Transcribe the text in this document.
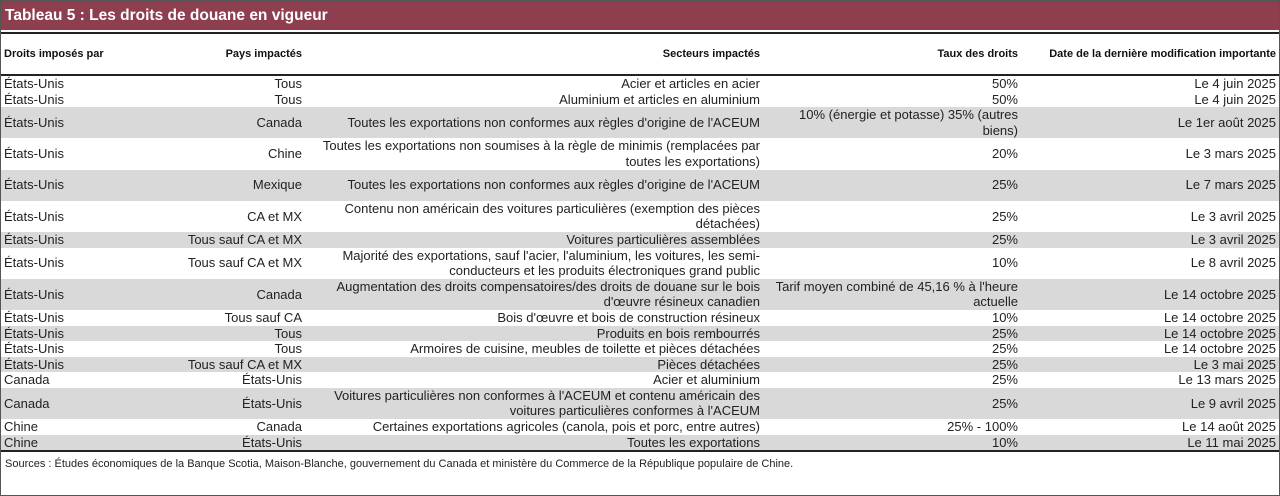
Tableau 5 : Les droits de douane en vigueur
Droits imposés par	Pays impactés	Secteurs impactés	Taux des droits	Date de la dernière modification importante
États-Unis	Tous	Acier et articles en acier	50%	Le 4 juin 2025
États-Unis	Tous	Aluminium et articles en aluminium	50%	Le 4 juin 2025
États-Unis	Canada	Toutes les exportations non conformes aux règles d'origine de l'ACEUM	10% (énergie et potasse) 35% (autres biens)	Le 1er août 2025
États-Unis	Chine	Toutes les exportations non soumises à la règle de minimis (remplacées par toutes les exportations)	20%	Le 3 mars 2025
États-Unis	Mexique	Toutes les exportations non conformes aux règles d'origine de l'ACEUM	25%	Le 7 mars 2025
États-Unis	CA et MX	Contenu non américain des voitures particulières (exemption des pièces détachées)	25%	Le 3 avril 2025
États-Unis	Tous sauf CA et MX	Voitures particulières assemblées	25%	Le 3 avril 2025
États-Unis	Tous sauf CA et MX	Majorité des exportations, sauf l'acier, l'aluminium, les voitures, les semi-conducteurs et les produits électroniques grand public	10%	Le 8 avril 2025
États-Unis	Canada	Augmentation des droits compensatoires/des droits de douane sur le bois d'œuvre résineux canadien	Tarif moyen combiné de 45,16 % à l'heure actuelle	Le 14 octobre 2025
États-Unis	Tous sauf CA	Bois d'œuvre et bois de construction résineux	10%	Le 14 octobre 2025
États-Unis	Tous	Produits en bois rembourrés	25%	Le 14 octobre 2025
États-Unis	Tous	Armoires de cuisine, meubles de toilette et pièces détachées	25%	Le 14 octobre 2025
États-Unis	Tous sauf CA et MX	Pièces détachées	25%	Le 3 mai 2025
Canada	États-Unis	Acier et aluminium	25%	Le 13 mars 2025
Canada	États-Unis	Voitures particulières non conformes à l'ACEUM et contenu américain des voitures particulières conformes à l'ACEUM	25%	Le 9 avril 2025
Chine	Canada	Certaines exportations agricoles (canola, pois et porc, entre autres)	25% - 100%	Le 14 août 2025
Chine	États-Unis	Toutes les exportations	10%	Le 11 mai 2025
Sources : Études économiques de la Banque Scotia, Maison-Blanche, gouvernement du Canada et ministère du Commerce de la République populaire de Chine.
